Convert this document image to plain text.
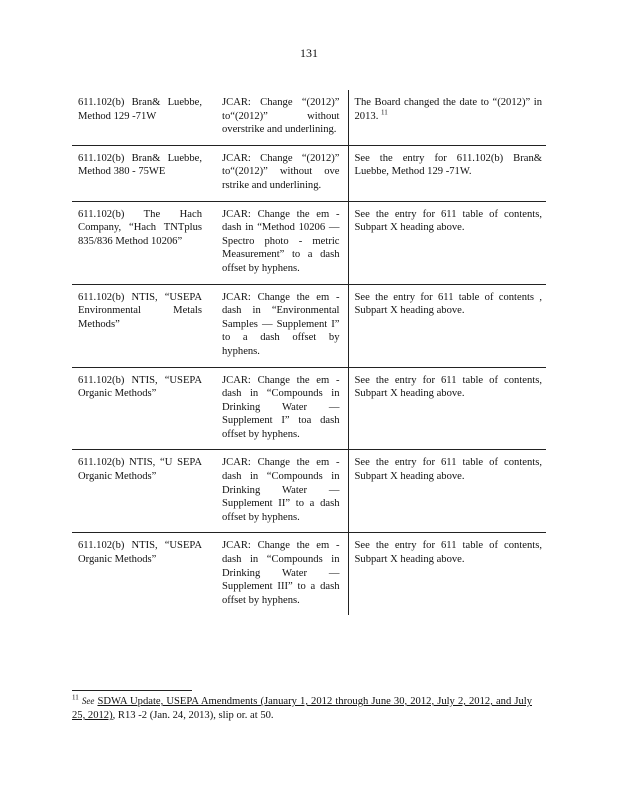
131
611.102(b) Bran& Luebbe, Method 129 -71W	JCAR: Change “(2012)” to“(2012)” without overstrike and underlining.	The Board changed the date to “(2012)” in 2013. $^{11}$
611.102(b) Bran& Luebbe, Method 380 - 75WE	JCAR: Change “(2012)” to“(2012)” without ove rstrike and underlining.	See the entry for 611.102(b) Bran& Luebbe, Method 129 -71W.
611.102(b) The Hach Company, “Hach TNTplus 835/836 Method 10206”	JCAR: Change the em - dash in “Method 10206 — Spectro photo - metric Measurement” to a dash offset by hyphens.	See the entry for 611 table of contents, Subpart X heading above.
611.102(b) NTIS, “USEPA Environmental Metals Methods”	JCAR: Change the em - dash in “Environmental Samples — Supplement I” to a dash offset by hyphens.	See the entry for 611 table of contents , Subpart X heading above.
611.102(b) NTIS, “USEPA Organic Methods”	JCAR: Change the em - dash in “Compounds in Drinking Water — Supplement I” toa dash offset by hyphens.	See the entry for 611 table of contents, Subpart X heading above.
611.102(b) NTIS, “U SEPA Organic Methods”	JCAR: Change the em - dash in “Compounds in Drinking Water — Supplement II” to a dash offset by hyphens.	See the entry for 611 table of contents, Subpart X heading above.
611.102(b) NTIS, “USEPA Organic Methods”	JCAR: Change the em - dash in “Compounds in Drinking Water — Supplement III” to a dash offset by hyphens.	See the entry for 611 table of contents, Subpart X heading above.
$^{11}$ See SDWA Update, USEPA Amendments (January 1, 2012 through June 30, 2012, July 2, 2012, and July 25, 2012), R13 -2 (Jan. 24, 2013), slip or. at 50.
